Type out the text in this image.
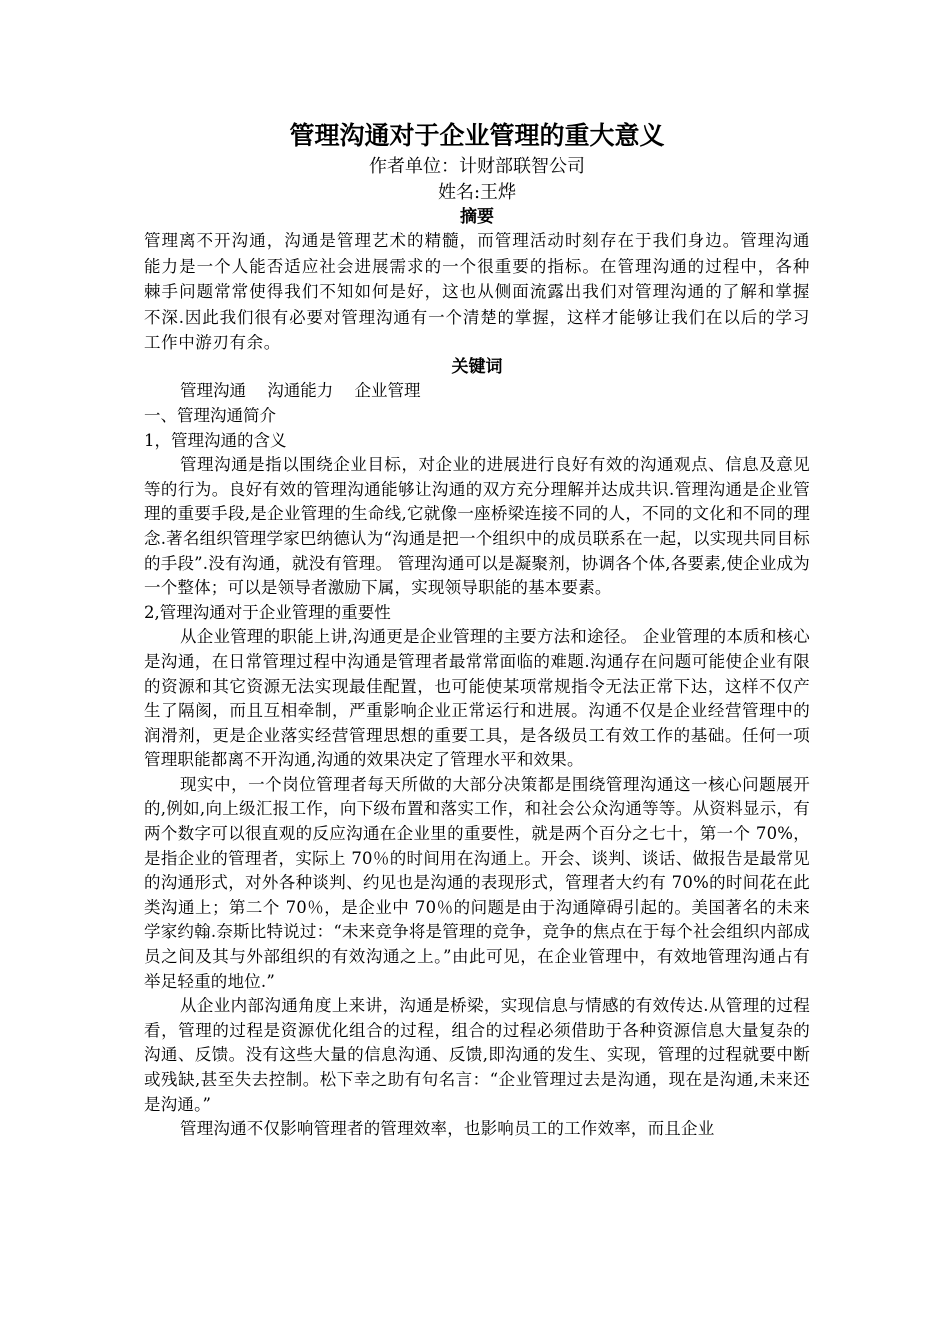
管理沟通对于企业管理的重大意义

作者单位：计财部联智公司

姓名:王烨

摘要

管理离不开沟通，沟通是管理艺术的精髓，而管理活动时刻存在于我们身边。管理沟通能力是一个人能否适应社会进展需求的一个很重要的指标。在管理沟通的过程中，各种棘手问题常常使得我们不知如何是好，这也从侧面流露出我们对管理沟通的了解和掌握不深.因此我们很有必要对管理沟通有一个清楚的掌握，这样才能够让我们在以后的学习工作中游刃有余。

关键词

管理沟通 沟通能力 企业管理

一、管理沟通简介

1，管理沟通的含义

管理沟通是指以围绕企业目标，对企业的进展进行良好有效的沟通观点、信息及意见等的行为。良好有效的管理沟通能够让沟通的双方充分理解并达成共识.管理沟通是企业管理的重要手段,是企业管理的生命线,它就像一座桥梁连接不同的人，不同的文化和不同的理念.著名组织管理学家巴纳德认为“沟通是把一个组织中的成员联系在一起，以实现共同目标的手段”.没有沟通，就没有管理。 管理沟通可以是凝聚剂，协调各个体,各要素,使企业成为一个整体；可以是领导者激励下属，实现领导职能的基本要素。

2,管理沟通对于企业管理的重要性

从企业管理的职能上讲,沟通更是企业管理的主要方法和途径。 企业管理的本质和核心是沟通，在日常管理过程中沟通是管理者最常常面临的难题.沟通存在问题可能使企业有限的资源和其它资源无法实现最佳配置，也可能使某项常规指令无法正常下达，这样不仅产生了隔阂，而且互相牵制，严重影响企业正常运行和进展。沟通不仅是企业经营管理中的润滑剂，更是企业落实经营管理思想的重要工具，是各级员工有效工作的基础。任何一项管理职能都离不开沟通,沟通的效果决定了管理水平和效果。

现实中，一个岗位管理者每天所做的大部分决策都是围绕管理沟通这一核心问题展开的,例如,向上级汇报工作，向下级布置和落实工作，和社会公众沟通等等。从资料显示，有两个数字可以很直观的反应沟通在企业里的重要性，就是两个百分之七十，第一个 70%，是指企业的管理者，实际上 70％的时间用在沟通上。开会、谈判、谈话、做报告是最常见的沟通形式，对外各种谈判、约见也是沟通的表现形式，管理者大约有 70%的时间花在此类沟通上；第二个 70％，是企业中 70％的问题是由于沟通障碍引起的。美国著名的未来学家约翰.奈斯比特说过：“未来竞争将是管理的竞争，竞争的焦点在于每个社会组织内部成员之间及其与外部组织的有效沟通之上。”由此可见，在企业管理中，有效地管理沟通占有举足轻重的地位.”

从企业内部沟通角度上来讲，沟通是桥梁，实现信息与情感的有效传达.从管理的过程看，管理的过程是资源优化组合的过程，组合的过程必须借助于各种资源信息大量复杂的沟通、反馈。没有这些大量的信息沟通、反馈,即沟通的发生、实现，管理的过程就要中断或残缺,甚至失去控制。松下幸之助有句名言：“企业管理过去是沟通，现在是沟通,未来还是沟通。”

管理沟通不仅影响管理者的管理效率，也影响员工的工作效率，而且企业
